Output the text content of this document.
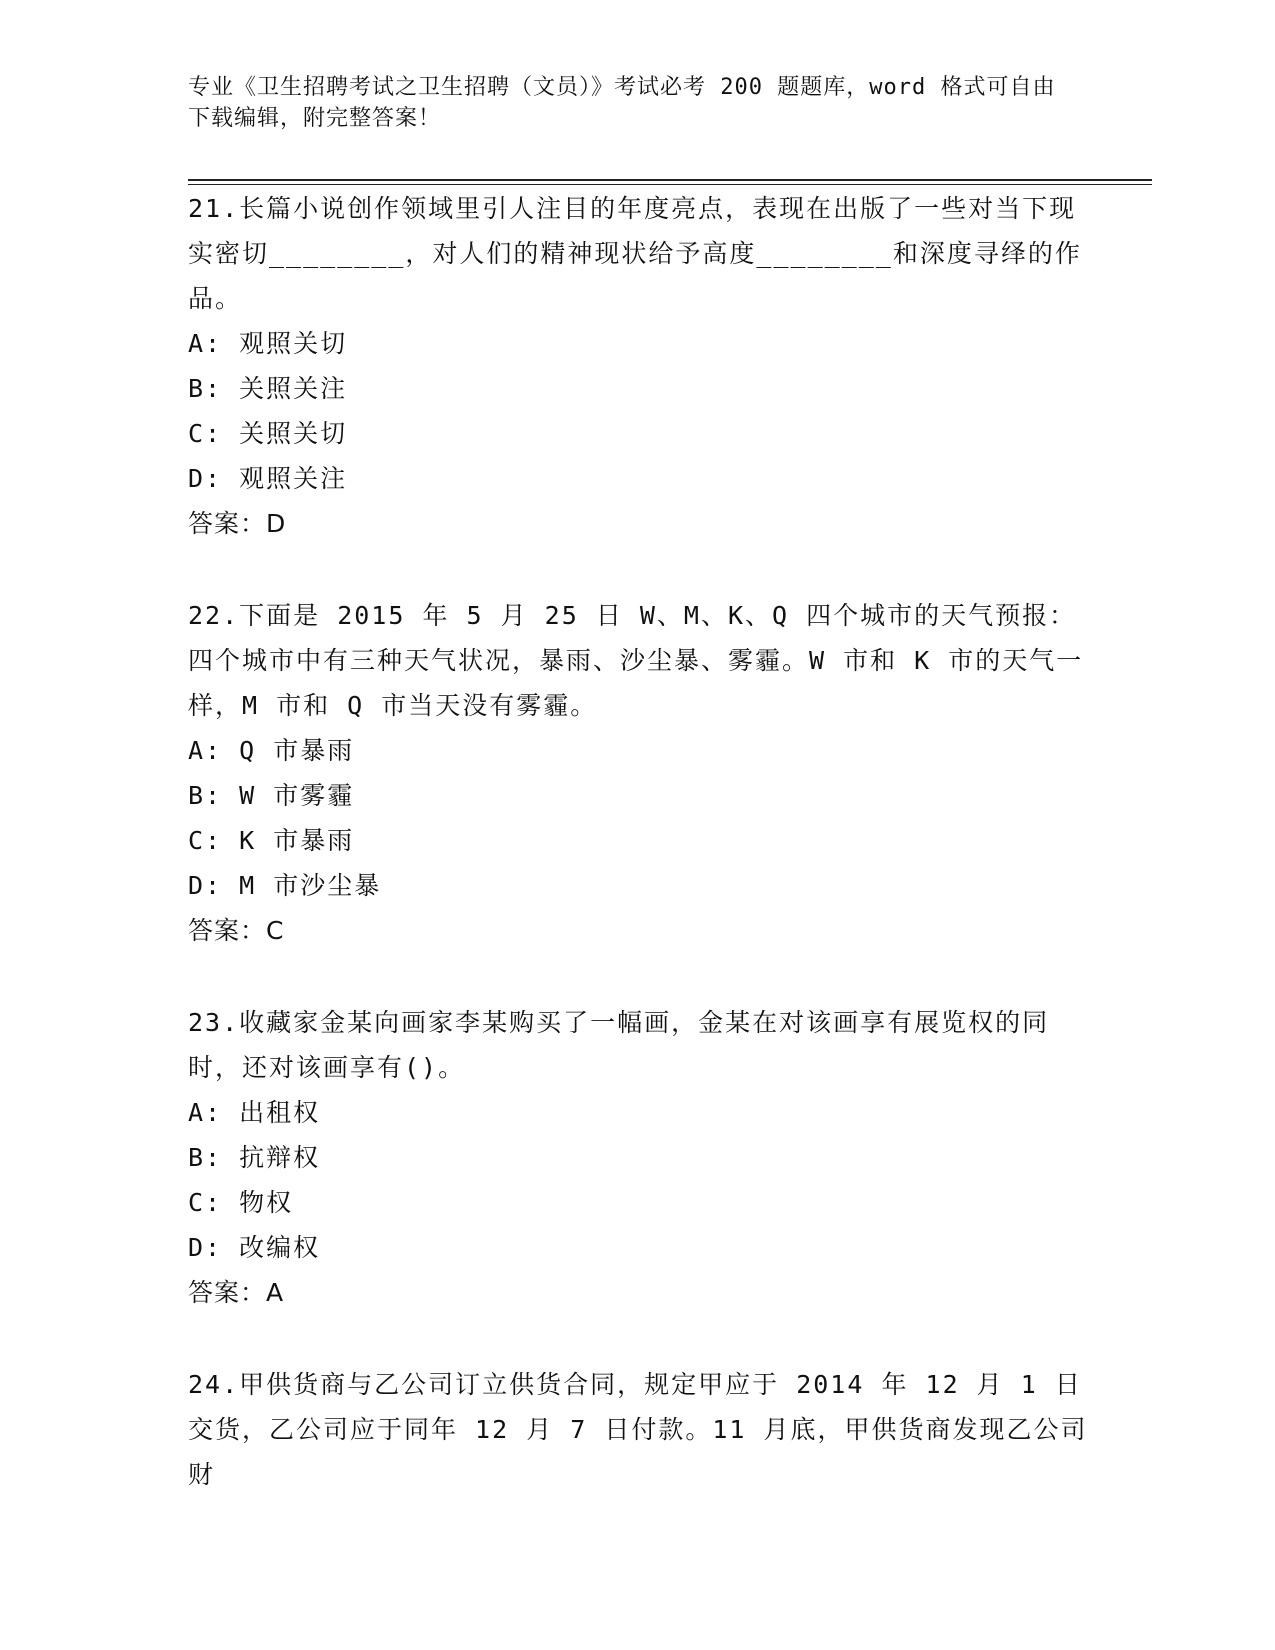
专业《卫生招聘考试之卫生招聘（文员）》考试必考 200 题题库，word 格式可自由下载编辑，附完整答案！
21.长篇小说创作领域里引人注目的年度亮点，表现在出版了一些对当下现实密切________，对人们的精神现状给予高度________和深度寻绎的作品。
A: 观照关切
B: 关照关注
C: 关照关切
D: 观照关注
答案：D
22.下面是 2015 年 5 月 25 日 W、M、K、Q 四个城市的天气预报：四个城市中有三种天气状况，暴雨、沙尘暴、雾霾。W 市和 K 市的天气一样，M 市和 Q 市当天没有雾霾。
A: Q 市暴雨
B: W 市雾霾
C: K 市暴雨
D: M 市沙尘暴
答案：C
23.收藏家金某向画家李某购买了一幅画，金某在对该画享有展览权的同时，还对该画享有()。
A: 出租权
B: 抗辩权
C: 物权
D: 改编权
答案：A
24.甲供货商与乙公司订立供货合同，规定甲应于 2014 年 12 月 1 日交货，乙公司应于同年 12 月 7 日付款。11 月底，甲供货商发现乙公司财
